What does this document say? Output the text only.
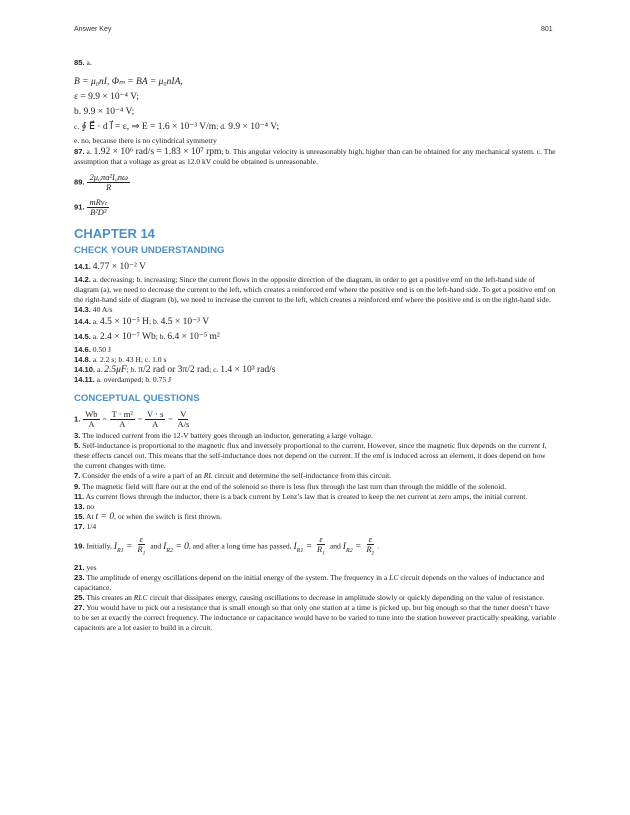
Answer Key	801

85. a.

B = μ₀nI, Φₘ = BA = μ₀nIA,

ε = 9.9 × 10⁻⁴ V;

b. 9.9 × 10⁻⁴ V;

c. ∮ E⃗ · d l⃗ = ε, ⇒ E = 1.6 × 10⁻³ V/m; d. 9.9 × 10⁻⁴ V;

e. no, because there is no cylindrical symmetry

87. a. 1.92 × 10⁶ rad/s = 1.83 × 10⁷ rpm; b. This angular velocity is unreasonably high, higher than can be obtained for any mechanical system. c. The assumption that a voltage as great as 12.0 kV could be obtained is unreasonable.

89. $\frac{\text{2μ₀πa²I₀nω}}{R}$

91. $\frac{\text{mRvₜ}}{\text{B²D²}}$

CHAPTER 14
CHECK YOUR UNDERSTANDING

14.1. 4.77 × 10⁻² V

14.2. a. decreasing; b. increasing; Since the current flows in the opposite direction of the diagram, in order to get a positive emf on the left-hand side of diagram (a), we need to decrease the current to the left, which creates a reinforced emf where the positive end is on the left-hand side. To get a positive emf on the right-hand side of diagram (b), we need to increase the current to the left, which creates a reinforced emf where the positive end is on the right-hand side.

14.3. 40 A/s

14.4. a. 4.5 × 10⁻⁵ H; b. 4.5 × 10⁻³ V

14.5. a. 2.4 × 10⁻⁷ Wb; b. 6.4 × 10⁻⁵ m²

14.6. 0.50 J

14.8. a. 2.2 s; b. 43 H; c. 1.0 s

14.10. a. 2.5μF; b. π/2 rad or 3π/2 rad; c. 1.4 × 10³ rad/s

14.11. a. overdamped; b. 0.75 J

CONCEPTUAL QUESTIONS

1. $\frac{Wb}{A} = \frac{\text{T · m²}}{A} = \frac{V \cdot s}{A} = \frac{V}{A/s}$

3. The induced current from the 12-V battery goes through an inductor, generating a large voltage.

5. Self-inductance is proportional to the magnetic flux and inversely proportional to the current. However, since the magnetic flux depends on the current I, these effects cancel out. This means that the self-inductance does not depend on the current. If the emf is induced across an element, it does depend on how the current changes with time.

7. Consider the ends of a wire a part of an RL circuit and determine the self-inductance from this circuit.

9. The magnetic field will flare out at the end of the solenoid so there is less flux through the last turn than through the middle of the solenoid.

11. As current flows through the inductor, there is a back current by Lenz’s law that is created to keep the net current at zero amps, the initial current.

13. no

15. At t = 0, or when the switch is first thrown.

17. 1/4

19. Initially, $I_{R1} = \frac{\varepsilon}{R_1}$ and $I_{R2} = 0$, and after a long time has passed, $I_{R1} = \frac{\varepsilon}{R_1}$ and $I_{R2} = \frac{\varepsilon}{R_2}$ .

21. yes

23. The amplitude of energy oscillations depend on the initial energy of the system. The frequency in a LC circuit depends on the values of inductance and capacitance.

25. This creates an RLC circuit that dissipates energy, causing oscillations to decrease in amplitude slowly or quickly depending on the value of resistance.

27. You would have to pick out a resistance that is small enough so that only one station at a time is picked up, but big enough so that the tuner doesn’t have to be set at exactly the correct frequency. The inductance or capacitance would have to be varied to tune into the station however practically speaking, variable capacitors are a lot easier to build in a circuit.
